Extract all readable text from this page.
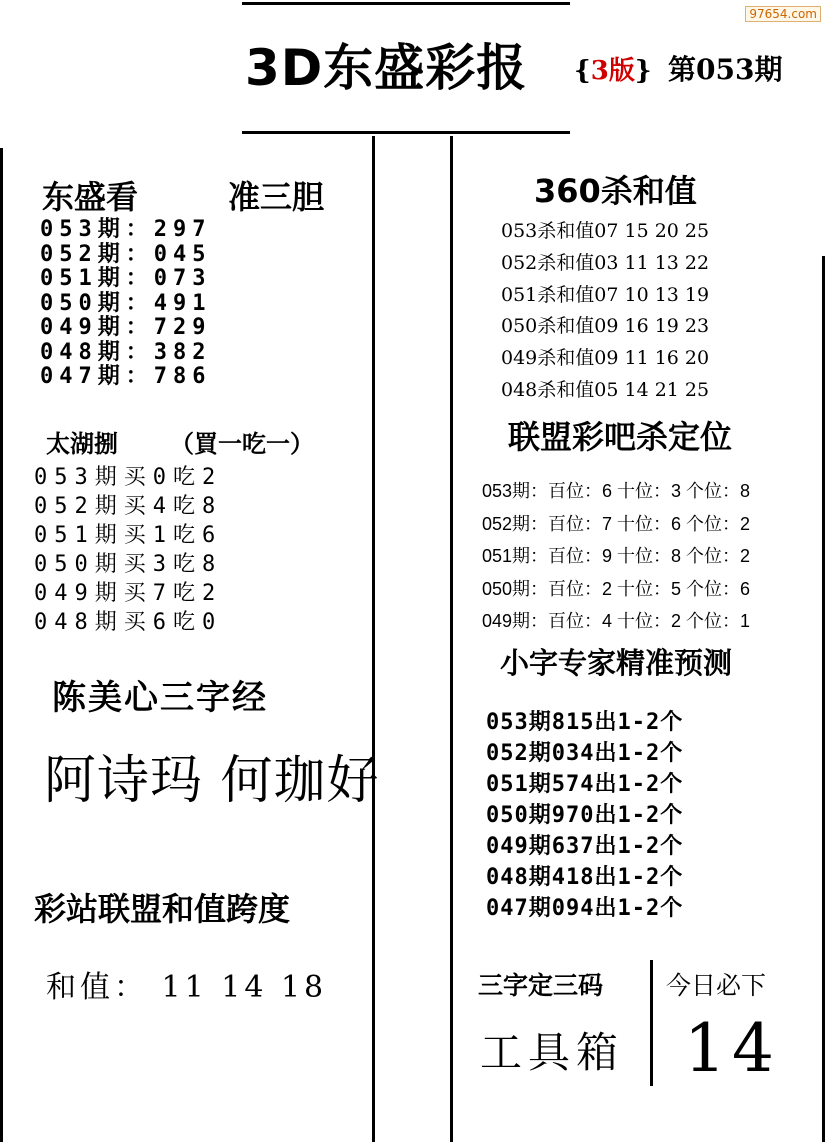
3D东盛彩报 {3版} 第053期
97654.com
东盛看	准三胆
053期：297
052期：045
051期：073
050期：491
049期：729
048期：382
047期：786
太湖捌 （買一吃一）
053期买0吃2
052期买4吃8
051期买1吃6
050期买3吃8
049期买7吃2
048期买6吃0
陈美心三字经
阿诗玛 何珈好
彩站联盟和值跨度
和值： 11 14 18
360杀和值
053杀和值07 15 20 25
052杀和值03 11 13 22
051杀和值07 10 13 19
050杀和值09 16 19 23
049杀和值09 11 16 20
048杀和值05 14 21 25
联盟彩吧杀定位
053期：百位：6 十位：3 个位：8
052期：百位：7 十位：6 个位：2
051期：百位：9 十位：8 个位：2
050期：百位：2 十位：5 个位：6
049期：百位：4 十位：2 个位：1
小字专家精准预测
053期815出1-2个
052期034出1-2个
051期574出1-2个
050期970出1-2个
049期637出1-2个
048期418出1-2个
047期094出1-2个
三字定三码	今日必下
工具箱 14
